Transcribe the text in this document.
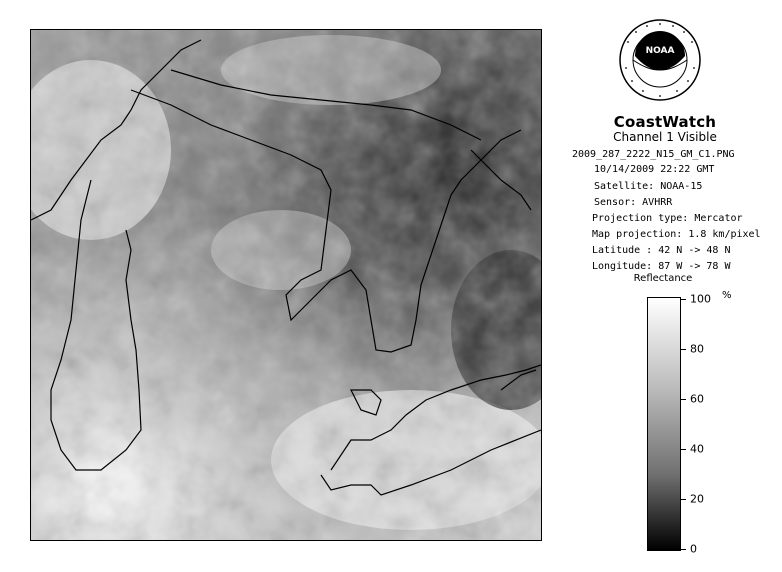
NOAA
CoastWatch
Channel 1 Visible
2009_287_2222_N15_GM_C1.PNG
10/14/2009 22:22 GMT
Satellite: NOAA-15
Sensor: AVHRR
Projection type: Mercator
Map projection: 1.8 km/pixel
Latitude : 42 N -> 48 N
Longitude: 87 W -> 78 W
Reflectance
%
100
80
60
40
20
0
